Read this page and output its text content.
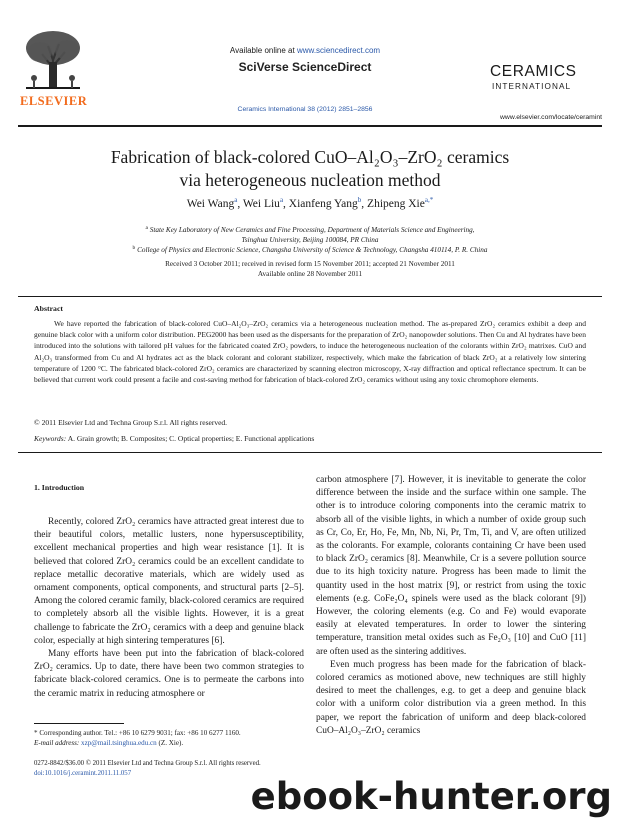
ELSEVIER
Available online at www.sciencedirect.com
SciVerse ScienceDirect
Ceramics International 38 (2012) 2851–2856
CERAMICS
INTERNATIONAL
www.elsevier.com/locate/ceramint
Fabrication of black-colored CuO–Al₂O₃–ZrO₂ ceramics
via heterogeneous nucleation method
Wei Wang$^a$, Wei Liu$^a$, Xianfeng Yang$^b$, Zhipeng Xie$^{a,*}$
$^a$ State Key Laboratory of New Ceramics and Fine Processing, Department of Materials Science and Engineering,
Tsinghua University, Beijing 100084, PR China
$^b$ College of Physics and Electronic Science, Changsha University of Science & Technology, Changsha 410114, P. R. China
Received 3 October 2011; received in revised form 15 November 2011; accepted 21 November 2011
Available online 28 November 2011
Abstract
We have reported the fabrication of black-colored CuO–Al₂O₃–ZrO₂ ceramics via a heterogeneous nucleation method. The as-prepared ZrO₂ ceramics exhibit a deep and genuine black color with a uniform color distribution. PEG2000 has been used as the dispersants for the preparation of ZrO₂ nanopowder solutions. Then Cu and Al hydrates have been introduced into the solutions with tailored pH values for the fabricated coated ZrO₂ powders, to induce the heterogeneous nucleation of the colorants within ZrO₂ matrixes. CuO and Al₂O₃ transformed from Cu and Al hydrates act as the black colorant and colorant stabilizer, respectively, which make the fabrication of black ZrO₂ at a relatively low sintering temperature of 1200 °C. The fabricated black-colored ZrO₂ ceramics are characterized by scanning electron microscopy, X-ray diffraction and optical reflectance spectrum. It can be believed that current work could present a facile and cost-saving method for fabrication of black-colored ZrO₂ ceramics without using any toxic chromophore elements.
© 2011 Elsevier Ltd and Techna Group S.r.l. All rights reserved.
Keywords: A. Grain growth; B. Composites; C. Optical properties; E. Functional applications
1. Introduction

Recently, colored ZrO₂ ceramics have attracted great interest due to their beautiful colors, metallic lusters, none hypersusceptibility, excellent mechanical properties and high wear resistance [1]. It is believed that colored ZrO₂ ceramics could be an excellent candidate to replace metallic decorative materials, which are widely used as ornament components, optical components, and structural parts [2–5]. Among the colored ceramic family, black-colored ceramics are required to completely absorb all the visible lights. However, it is a great challenge to fabricate the ZrO₂ ceramics with a deep and genuine black color, especially at high sintering temperatures [6].

Many efforts have been put into the fabrication of black-colored ZrO₂ ceramics. Up to date, there have been two common strategies to fabricate black-colored ceramics. One is to permeate the carbons into the ceramic matrix in reducing atmosphere or

carbon atmosphere [7]. However, it is inevitable to generate the color difference between the inside and the surface within one sample. The other is to introduce coloring components into the ceramic matrix to absorb all of the visible lights, in which a number of oxide group such as Cr, Co, Er, Ho, Fe, Mn, Nb, Ni, Pr, Tm, Ti, and V, are often utilized as the colorants. For example, colorants containing Cr have been used to black ZrO₂ ceramics [8]. Meanwhile, Cr is a severe pollution source due to its high toxicity nature. Progress has been made to limit the quantity used in the host matrix [9], or restrict from using the toxic elements (e.g. CoFe₂O₄ spinels were used as the black colorant [9]) However, the coloring elements (e.g. Co and Fe) would evaporate easily at elevated temperatures. In order to lower the sintering temperature, transition metal oxides such as Fe₂O₃ [10] and CuO [11] are often used as the sintering additives.

Even much progress has been made for the fabrication of black-colored ceramics as motioned above, new techniques are still highly desired to meet the challenges, e.g. to get a deep and genuine black color with a uniform color distribution via a green method. In this paper, we report the fabrication of uniform and deep black-colored CuO–Al₂O₃–ZrO₂ ceramics

* Corresponding author. Tel.: +86 10 6279 9031; fax: +86 10 6277 1160.
E-mail address: xzp@mail.tsinghua.edu.cn (Z. Xie).
0272-8842/$36.00 © 2011 Elsevier Ltd and Techna Group S.r.l. All rights reserved.
doi:10.1016/j.ceramint.2011.11.057
ebook-hunter.org
